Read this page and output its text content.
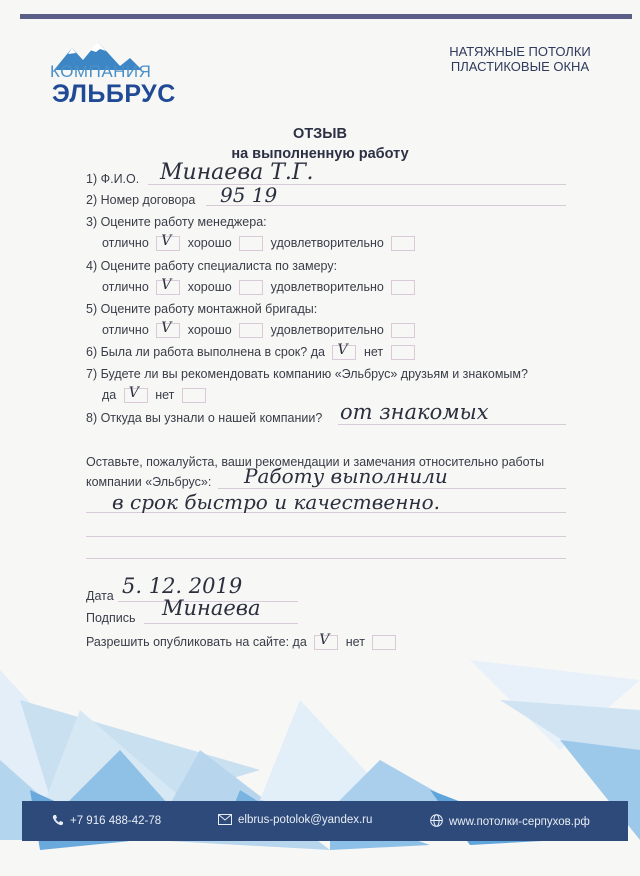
КОМПАНИЯ
ЭЛЬБРУС
НАТЯЖНЫЕ ПОТОЛКИ
ПЛАСТИКОВЫЕ ОКНА
ОТЗЫВ
на выполненную работу
1) Ф.И.О. Минаева Т.Г.
2) Номер договора 95 19
3) Оцените работу менеджера:
отлично V хорошо	удовлетворительно
4) Оцените работу специалиста по замеру:
отлично V хорошо	удовлетворительно
5) Оцените работу монтажной бригады:
отлично V хорошо	удовлетворительно
6) Была ли работа выполнена в срок? да V нет
7) Будете ли вы рекомендовать компанию «Эльбрус» друзьям и знакомым?
да V нет
8) Откуда вы узнали о нашей компании? от знакомых
Оставьте, пожалуйста, ваши рекомендации и замечания относительно работы
компании «Эльбрус»: Работу выполнили
в срок быстро и качественно.
Дата 5. 12. 2019
Подпись Минаева
Разрешить опубликовать на сайте: да V нет
+7 916 488-42-78	elbrus-potolok@yandex.ru	www.потолки-серпухов.рф
